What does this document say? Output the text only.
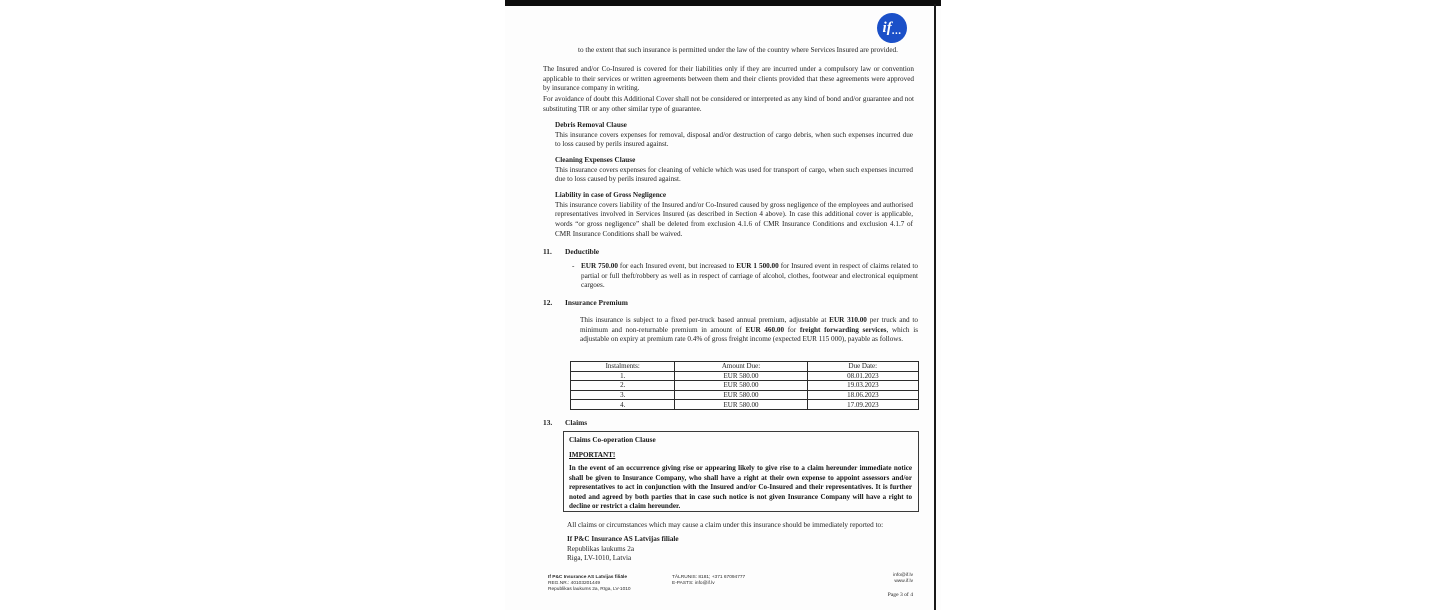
if ...
to the extent that such insurance is permitted under the law of the country where Services Insured are provided.
The Insured and/or Co-Insured is covered for their liabilities only if they are incurred under a compulsory law or convention applicable to their services or written agreements between them and their clients provided that these agreements were approved by insurance company in writing.
For avoidance of doubt this Additional Cover shall not be considered or interpreted as any kind of bond and/or guarantee and not substituting TIR or any other similar type of guarantee.
Debris Removal Clause
This insurance covers expenses for removal, disposal and/or destruction of cargo debris, when such expenses incurred due to loss caused by perils insured against.
Cleaning Expenses Clause
This insurance covers expenses for cleaning of vehicle which was used for transport of cargo, when such expenses incurred due to loss caused by perils insured against.
Liability in case of Gross Negligence
This insurance covers liability of the Insured and/or Co-Insured caused by gross negligence of the employees and authorised representatives involved in Services Insured (as described in Section 4 above). In case this additional cover is applicable, words “or gross negligence” shall be deleted from exclusion 4.1.6 of CMR Insurance Conditions and exclusion 4.1.7 of CMR Insurance Conditions shall be waived.
11. Deductible
- EUR 750.00 for each Insured event, but increased to EUR 1 500.00 for Insured event in respect of claims related to partial or full theft/robbery as well as in respect of carriage of alcohol, clothes, footwear and electronical equipment cargoes.
12. Insurance Premium
This insurance is subject to a fixed per-truck based annual premium, adjustable at EUR 310.00 per truck and to minimum and non-returnable premium in amount of EUR 460.00 for freight forwarding services, which is adjustable on expiry at premium rate 0.4% of gross freight income (expected EUR 115 000), payable as follows.
Instalments:	Amount Due:	Due Date:
1.	EUR 580.00	08.01.2023
2.	EUR 580.00	19.03.2023
3.	EUR 580.00	18.06.2023
4.	EUR 580.00	17.09.2023
13. Claims
Claims Co-operation Clause
IMPORTANT!
In the event of an occurrence giving rise or appearing likely to give rise to a claim hereunder immediate notice shall be given to Insurance Company, who shall have a right at their own expense to appoint assessors and/or representatives to act in conjunction with the Insured and/or Co-Insured and their representatives. It is further noted and agreed by both parties that in case such notice is not given Insurance Company will have a right to decline or restrict a claim hereunder.
All claims or circumstances which may cause a claim under this insurance should be immediately reported to:
If P&C Insurance AS Latvijas filiale
Republikas laukums 2a
Riga, LV-1010, Latvia
If P&C Insurance AS Latvijas filiāle
REG.NR.: 40103201449
Republikas laukums 2a, Rīga, LV-1010
TĀLRUNIS: 8181; +371 67094777
E-PASTS: info@if.lv
info@if.lv
www.if.lv
Page 3 of 4
